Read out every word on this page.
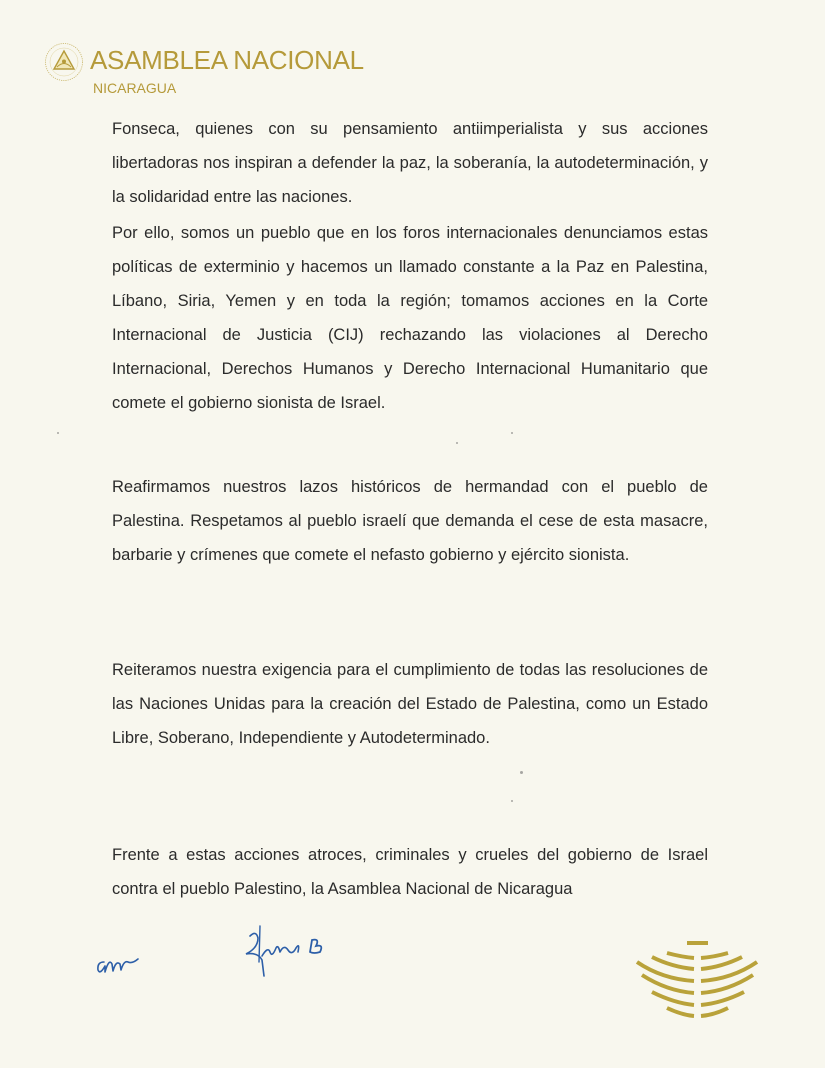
ASAMBLEA NACIONAL
NICARAGUA

Fonseca, quienes con su pensamiento antiimperialista y sus acciones libertadoras nos inspiran a defender la paz, la soberanía, la autodeterminación, y la solidaridad entre las naciones.

Por ello, somos un pueblo que en los foros internacionales denunciamos estas políticas de exterminio y hacemos un llamado constante a la Paz en Palestina, Líbano, Siria, Yemen y en toda la región; tomamos acciones en la Corte Internacional de Justicia (CIJ) rechazando las violaciones al Derecho Internacional, Derechos Humanos y Derecho Internacional Humanitario que comete el gobierno sionista de Israel.

Reafirmamos nuestros lazos históricos de hermandad con el pueblo de Palestina. Respetamos al pueblo israelí que demanda el cese de esta masacre, barbarie y crímenes que comete el nefasto gobierno y ejército sionista.

Reiteramos nuestra exigencia para el cumplimiento de todas las resoluciones de las Naciones Unidas para la creación del Estado de Palestina, como un Estado Libre, Soberano, Independiente y Autodeterminado.

Frente a estas acciones atroces, criminales y crueles del gobierno de Israel contra el pueblo Palestino, la Asamblea Nacional de Nicaragua
